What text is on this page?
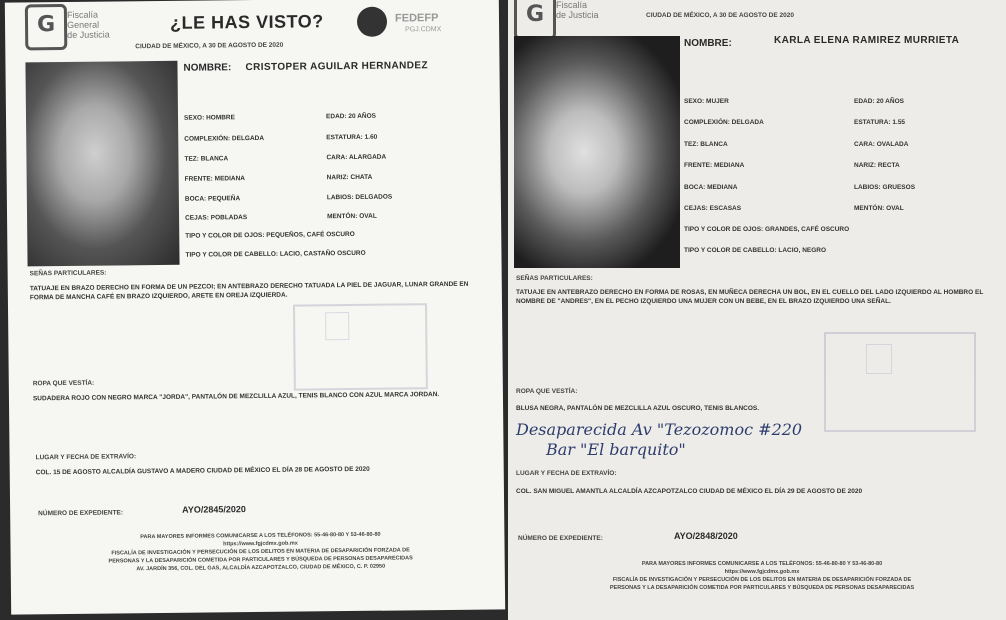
G	Fiscalía
General
de Justicia
¿LE HAS VISTO?
CIUDAD DE MÉXICO, A 30 DE AGOSTO DE 2020
FEDEFP
PGJ.CDMX
NOMBRE: CRISTOPER AGUILAR HERNANDEZ
SEXO: HOMBRE	EDAD: 20 AÑOS
COMPLEXIÓN: DELGADA	ESTATURA: 1.60
TEZ: BLANCA	CARA: ALARGADA
FRENTE: MEDIANA	NARIZ: CHATA
BOCA: PEQUEÑA	LABIOS: DELGADOS
CEJAS: POBLADAS	MENTÓN: OVAL
TIPO Y COLOR DE OJOS: PEQUEÑOS, CAFÉ OSCURO
TIPO Y COLOR DE CABELLO: LACIO, CASTAÑO OSCURO
SEÑAS PARTICULARES:
TATUAJE EN BRAZO DERECHO EN FORMA DE UN PEZCOI; EN ANTEBRAZO DERECHO TATUADA LA PIEL DE JAGUAR, LUNAR GRANDE EN FORMA DE MANCHA CAFÉ EN BRAZO IZQUIERDO, ARETE EN OREJA IZQUIERDA.
ROPA QUE VESTÍA:
SUDADERA ROJO CON NEGRO MARCA "JORDA", PANTALÓN DE MEZCLILLA AZUL, TENIS BLANCO CON AZUL MARCA JORDAN.
LUGAR Y FECHA DE EXTRAVÍO:
COL. 15 DE AGOSTO ALCALDÍA GUSTAVO A MADERO CIUDAD DE MÉXICO EL DÍA 28 DE AGOSTO DE 2020
NÚMERO DE EXPEDIENTE:	AYO/2845/2020
PARA MAYORES INFORMES COMUNICARSE A LOS TELÉFONOS: 55-46-80-80 Y 53-46-80-80
https://www.fgjcdmx.gob.mx
FISCALÍA DE INVESTIGACIÓN Y PERSECUCIÓN DE LOS DELITOS EN MATERIA DE DESAPARICIÓN FORZADA DE
PERSONAS Y LA DESAPARICIÓN COMETIDA POR PARTICULARES Y BÚSQUEDA DE PERSONAS DESAPARECIDAS
AV. JARDÍN 356, COL. DEL GAS, ALCALDÍA AZCAPOTZALCO, CIUDAD DE MÉXICO, C. P. 02950
G	Fiscalía
de Justicia	CIUDAD DE MÉXICO, A 30 DE AGOSTO DE 2020
NOMBRE:	KARLA ELENA RAMIREZ MURRIETA
SEXO: MUJER	EDAD: 20 AÑOS
COMPLEXIÓN: DELGADA	ESTATURA: 1.55
TEZ: BLANCA	CARA: OVALADA
FRENTE: MEDIANA	NARIZ: RECTA
BOCA: MEDIANA	LABIOS: GRUESOS
CEJAS: ESCASAS	MENTÓN: OVAL
TIPO Y COLOR DE OJOS: GRANDES, CAFÉ OSCURO
TIPO Y COLOR DE CABELLO: LACIO, NEGRO
SEÑAS PARTICULARES:
TATUAJE EN ANTEBRAZO DERECHO EN FORMA DE ROSAS, EN MUÑECA DERECHA UN BOL, EN EL CUELLO DEL LADO IZQUIERDO AL HOMBRO EL NOMBRE DE "ANDRES", EN EL PECHO IZQUIERDO UNA MUJER CON UN BEBE, EN EL BRAZO IZQUIERDO UNA SEÑAL.
ROPA QUE VESTÍA:
BLUSA NEGRA, PANTALÓN DE MEZCLILLA AZUL OSCURO, TENIS BLANCOS.
Desaparecida Av "Tezozomoc #220
Bar "El barquito"
LUGAR Y FECHA DE EXTRAVÍO:
COL. SAN MIGUEL AMANTLA ALCALDÍA AZCAPOTZALCO CIUDAD DE MÉXICO EL DÍA 29 DE AGOSTO DE 2020
NÚMERO DE EXPEDIENTE:	AYO/2848/2020
PARA MAYORES INFORMES COMUNICARSE A LOS TELÉFONOS: 55-46-80-80 Y 53-46-80-80
https://www.fgjcdmx.gob.mx
FISCALÍA DE INVESTIGACIÓN Y PERSECUCIÓN DE LOS DELITOS EN MATERIA DE DESAPARICIÓN FORZADA DE
PERSONAS Y LA DESAPARICIÓN COMETIDA POR PARTICULARES Y BÚSQUEDA DE PERSONAS DESAPARECIDAS
